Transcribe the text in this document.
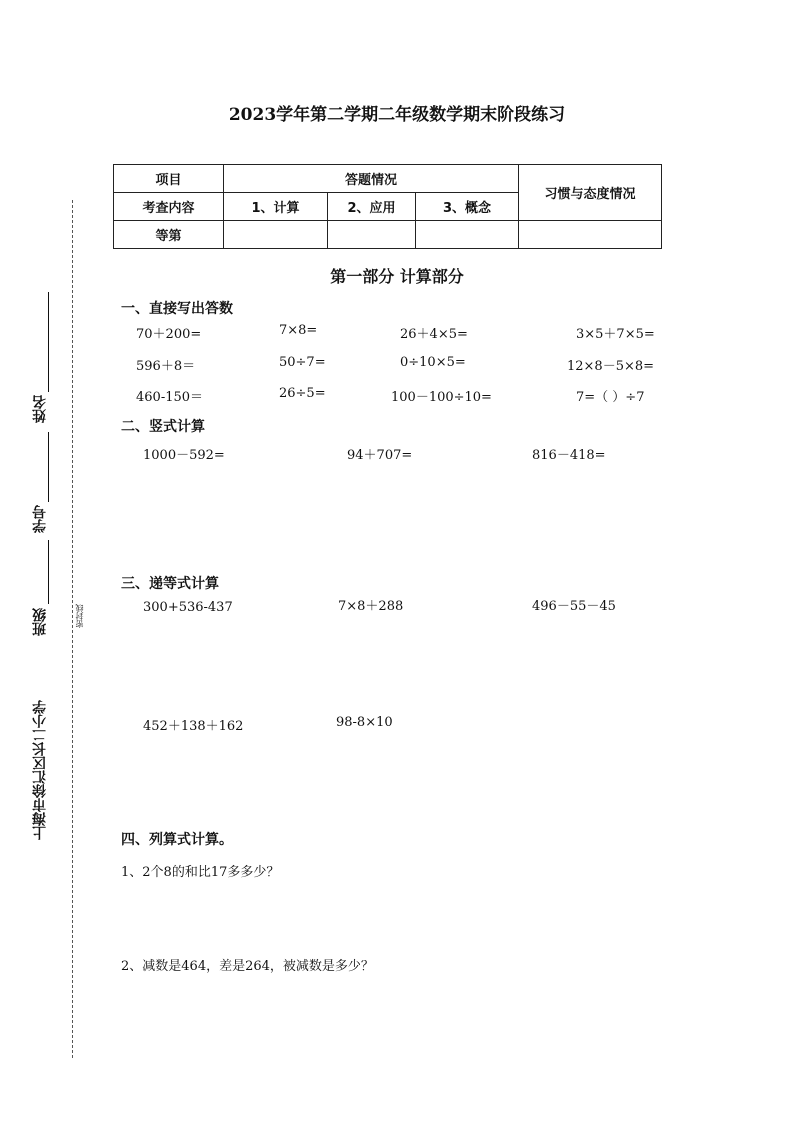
2023学年第二学期二年级数学期末阶段练习
上海市徐汇区长二小学
班级
学号
姓名
密封线
项目	答题情况			习惯与态度情况
考查内容	1、计算	2、应用	3、概念	
等第				
第一部分 计算部分
一、直接写出答数
70＋200=	7×8=	26＋4×5=	3×5＋7×5=
596＋8＝	50÷7=	0÷10×5=	12×8－5×8=
460-150＝	26÷5=	100－100÷10=	7=（ ）÷7
二、竖式计算
1000－592=	94＋707=	816－418=
三、递等式计算
300+536-437	7×8＋288	496－55－45
452＋138＋162	98-8×10
四、列算式计算。
1、2个8的和比17多多少？
2、减数是464，差是264，被减数是多少？
